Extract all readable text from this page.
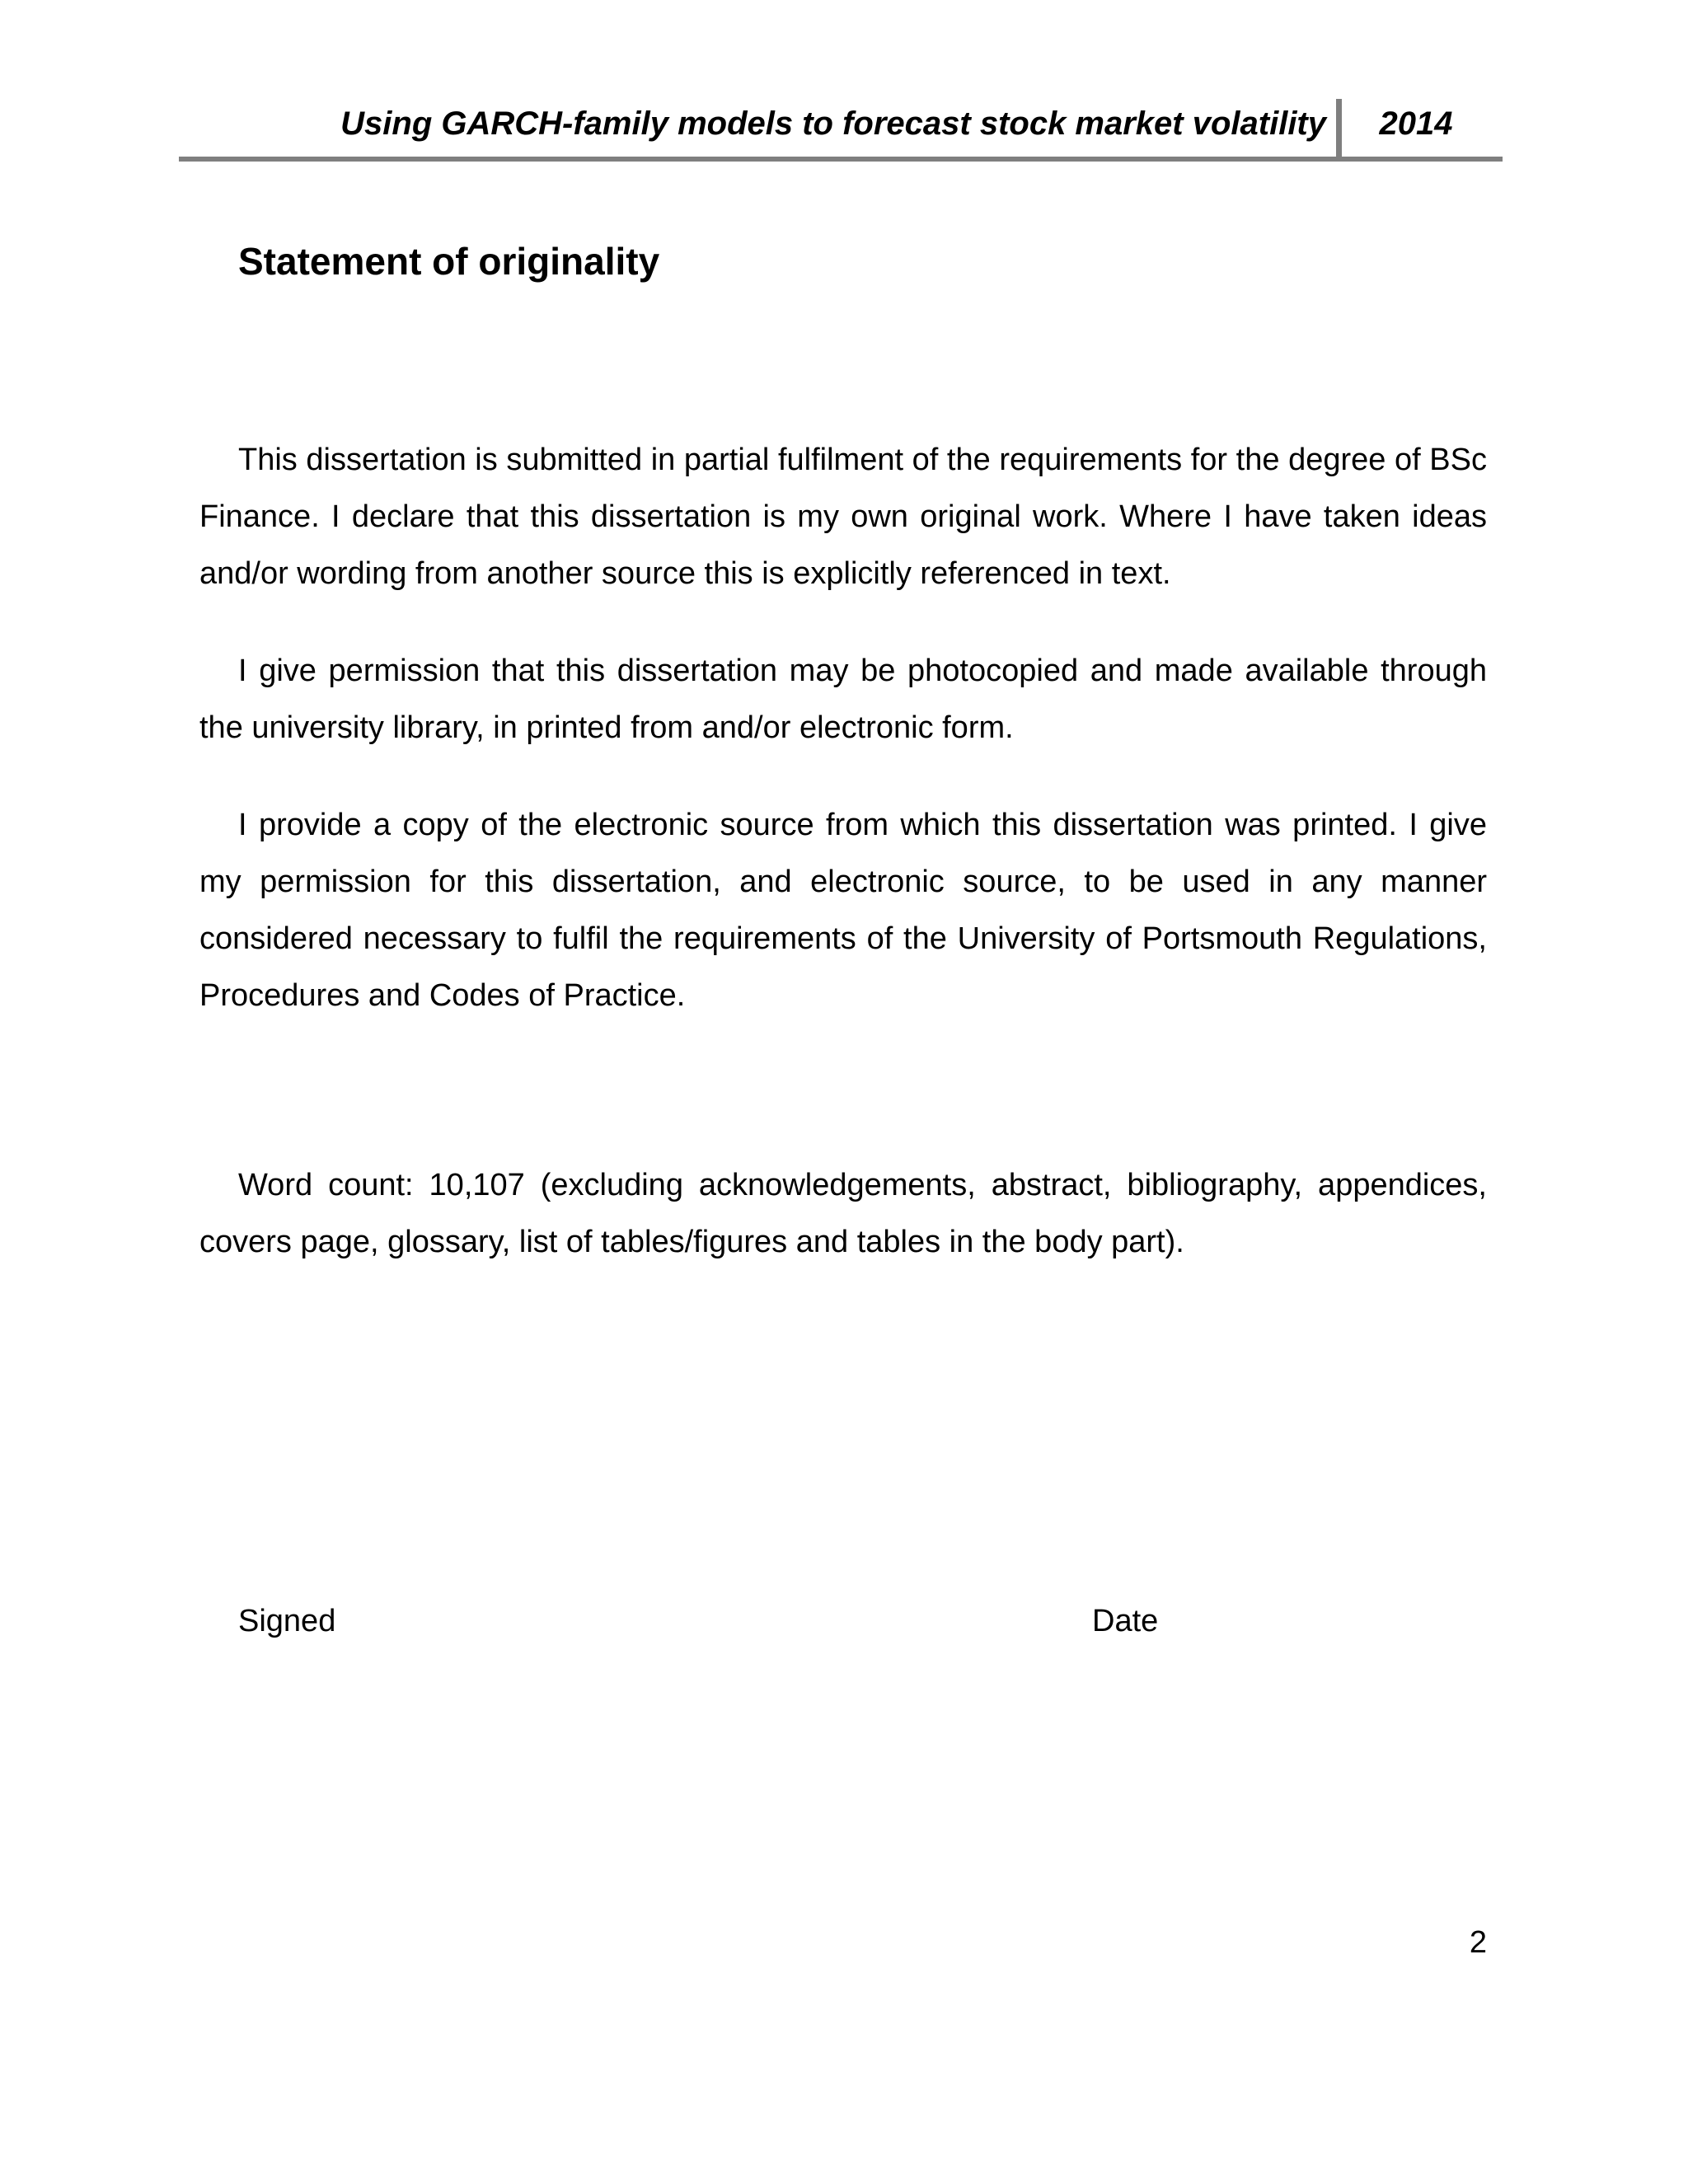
Using GARCH-family models to forecast stock market volatility	2014
Statement of originality

This dissertation is submitted in partial fulfilment of the requirements for the degree of BSc Finance. I declare that this dissertation is my own original work. Where I have taken ideas and/or wording from another source this is explicitly referenced in text.

I give permission that this dissertation may be photocopied and made available through the university library, in printed from and/or electronic form.

I provide a copy of the electronic source from which this dissertation was printed. I give my permission for this dissertation, and electronic source, to be used in any manner considered necessary to fulfil the requirements of the University of Portsmouth Regulations, Procedures and Codes of Practice.

Word count: 10,107 (excluding acknowledgements, abstract, bibliography, appendices, covers page, glossary, list of tables/figures and tables in the body part).

Signed	Date
2
